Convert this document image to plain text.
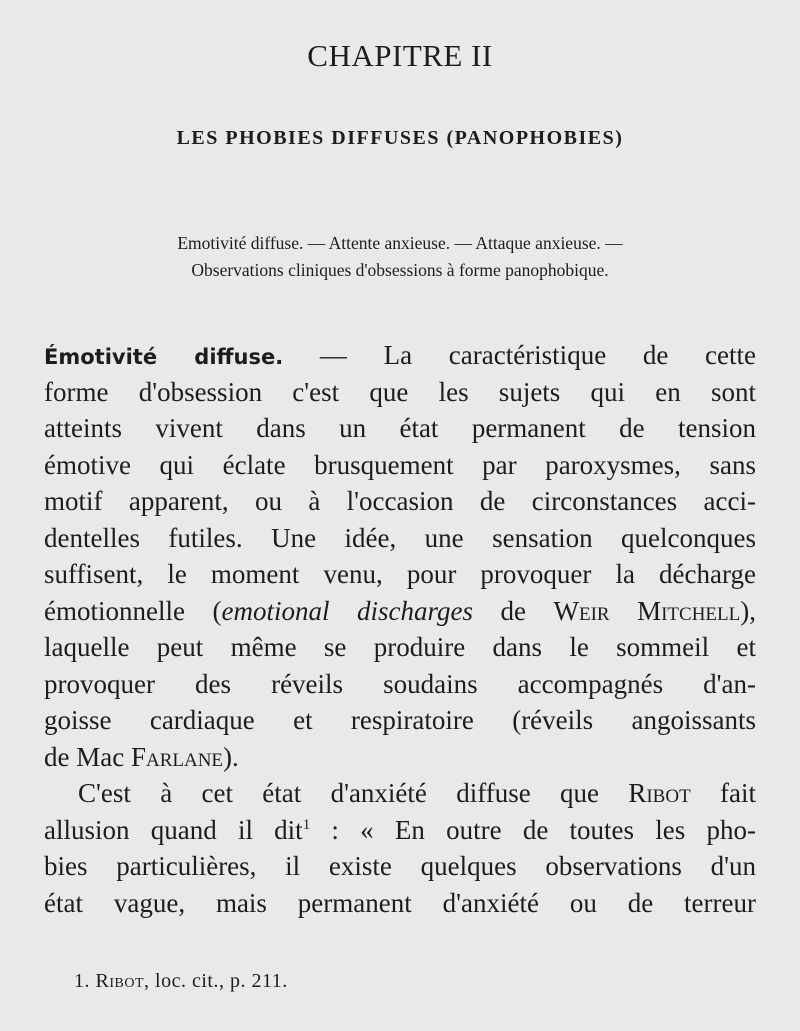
CHAPITRE II
LES PHOBIES DIFFUSES (PANOPHOBIES)
Emotivité diffuse. — Attente anxieuse. — Attaque anxieuse. —
Observations cliniques d'obsessions à forme panophobique.
Émotivité diffuse. — La caractéristique de cette
forme d'obsession c'est que les sujets qui en sont
atteints vivent dans un état permanent de tension
émotive qui éclate brusquement par paroxysmes, sans
motif apparent, ou à l'occasion de circonstances acci-
dentelles futiles. Une idée, une sensation quelconques
suffisent, le moment venu, pour provoquer la décharge
émotionnelle (emotional discharges de Weir Mitchell),
laquelle peut même se produire dans le sommeil et
provoquer des réveils soudains accompagnés d'an-
goisse cardiaque et respiratoire (réveils angoissants
de Mac Farlane).
C'est à cet état d'anxiété diffuse que Ribot fait
allusion quand il dit$^1$ : « En outre de toutes les pho-
bies particulières, il existe quelques observations d'un
état vague, mais permanent d'anxiété ou de terreur
1. Ribot, loc. cit., p. 211.
